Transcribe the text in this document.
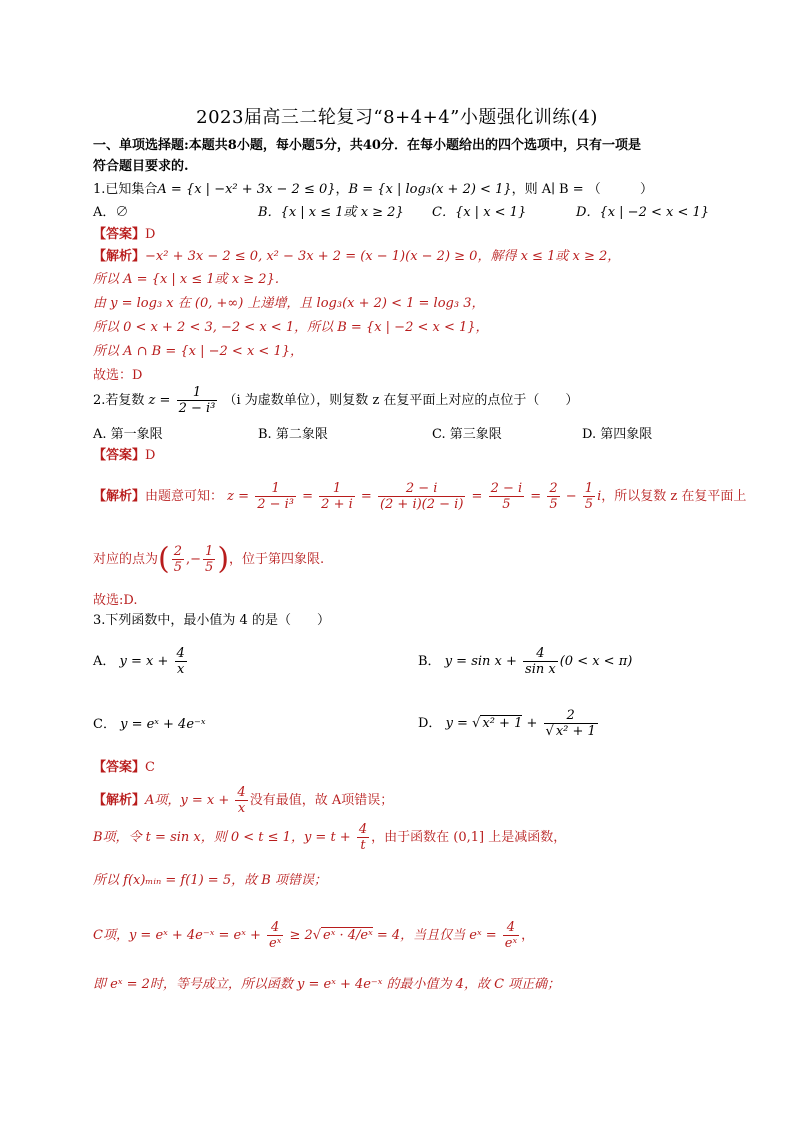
2023届高三二轮复习“8+4+4”小题强化训练(4)
一、单项选择题:本题共8小题，每小题5分，共40分．在每小题给出的四个选项中，只有一项是
符合题目要求的.
1.已知集合A = {x | −x² + 3x − 2 ≤ 0}，B = {x | log₃(x + 2) < 1}，则 A∣ B = （	）
A．∅	B．{x | x ≤ 1或 x ≥ 2} C．{x | x < 1}	D．{x | −2 < x < 1}
【答案】D
【解析】−x² + 3x − 2 ≤ 0, x² − 3x + 2 = (x − 1)(x − 2) ≥ 0，解得 x ≤ 1或 x ≥ 2，
所以 A = {x | x ≤ 1或 x ≥ 2}.
由 y = log₃ x 在 (0, +∞) 上递增，且 log₃(x + 2) < 1 = log₃ 3，
所以 0 < x + 2 < 3, −2 < x < 1，所以 B = {x | −2 < x < 1}，
所以 A ∩ B = {x | −2 < x < 1}，
故选：D
2.若复数 $z = \frac{1}{\text{2 − i³}} (i$ 为虚数单位），则复数 z 在复平面上对应的点位于（　　）
A. 第一象限	B. 第二象限	C. 第三象限	D. 第四象限
【答案】D
【解析】由题意可知： $z = \frac{1}{\text{2 − i³}} = \frac{1}{2 + i} = \frac{2 - i}{(2 + i)(2 - i)} = \frac{2 - i}{5} = \frac{2}{5} - \frac{1}{5}$ i，所以复数 z 在复平面上
对应的点为( $\frac{2}{5}$ ,− $\frac{1}{5}$ )，位于第四象限.
故选:D.
3.下列函数中，最小值为 4 的是（　　）
A． $y = x + \frac{4}{x}$	B． $y = \sin x + \frac{4}{\text{sin x}} (0 < x < \pi)$
C． y = eˣ + 4e⁻ˣ	D． y = √ $x^2 + 1 + \frac{2}{\text{√ x² + 1}}$
【答案】C
【解析】A项，$y = x + \frac{4}{x}$ 没有最值，故 A项错误；
B项，令 t = sin x，则 0 < t ≤ 1，$y = t + \frac{4}{t}$ ，由于函数在 (0,1] 上是减函数，
所以 f(x)ₘᵢₙ = f(1) = 5，故 B 项错误；
C项，y = eˣ + 4e⁻ˣ = eˣ + $\frac{4}{\text{eˣ}} \ge 2√$ eˣ · 4/eˣ = 4，当且仅当 eˣ = $\frac{4}{\text{eˣ}}$ ，
即 eˣ = 2时，等号成立，所以函数 y = eˣ + 4e⁻ˣ 的最小值为 4，故 C 项正确；
